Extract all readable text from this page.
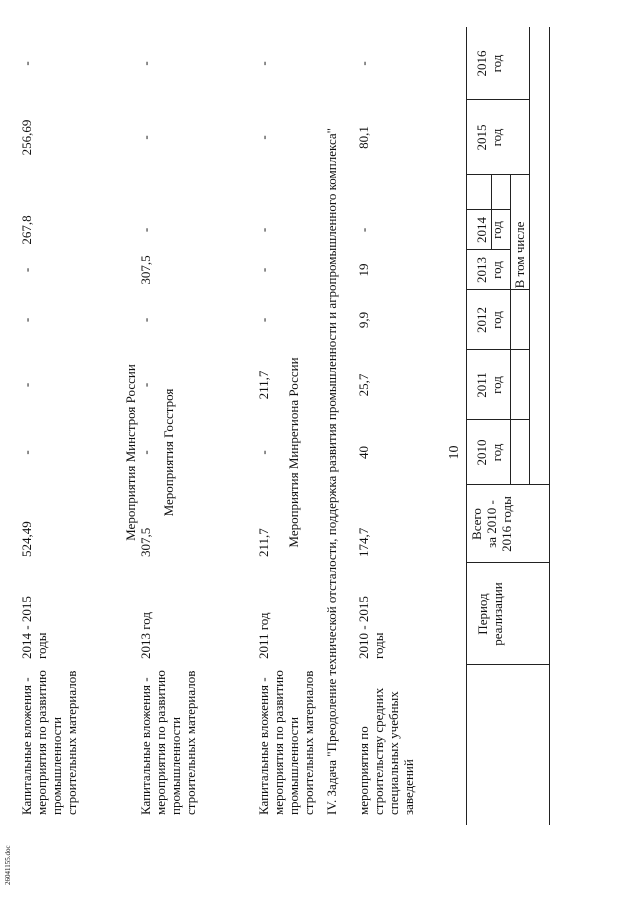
10
Период
реализации
Всего
за 2010 -
2016 годы
В том числе
2010
год
2011
год
2012
год
2013
год
2014
год
2015
год
2016
год
мероприятия по строительству средних специальных учебных заведений
2010 - 2015
годы
174,7
40
25,7
9,9
19
-
80,1
-
IV. Задача "Преодоление технической отсталости, поддержка развития промышленности и агропромышленного комплекса"
Мероприятия Минрегиона России
Капитальные вложения - мероприятия по развитию промышленности строительных материалов
2011 год
211,7
-
211,7
-
-
-
-
-
Мероприятия Госстроя
Капитальные вложения - мероприятия по развитию промышленности строительных материалов
2013 год
307,5
-
-
-
307,5
-
-
-
Мероприятия Минстроя России
Капитальные вложения - мероприятия по развитию промышленности строительных материалов
2014 - 2015
годы
524,49
-
-
-
-
267,8
256,69
-
26041155.doc
